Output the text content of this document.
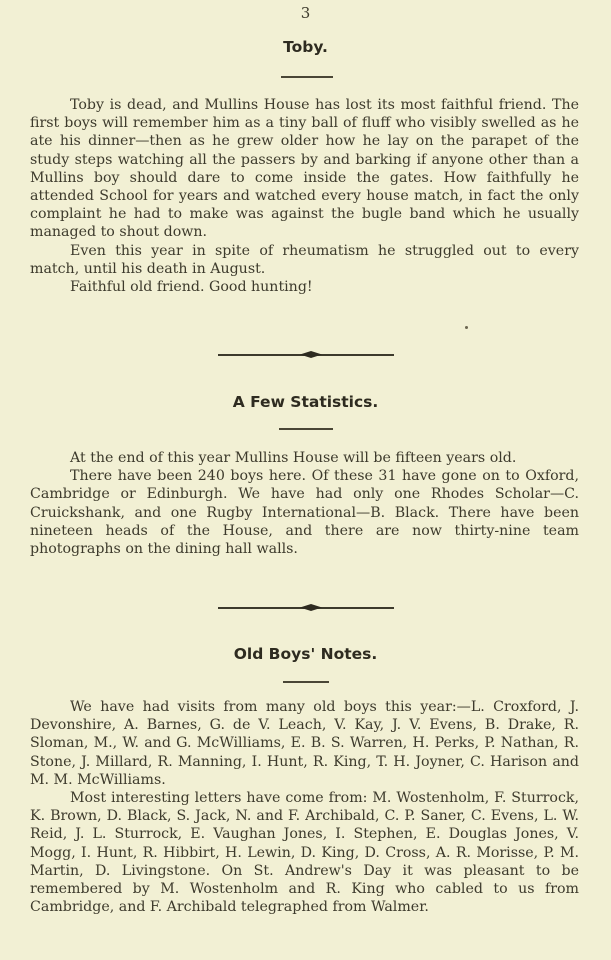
3
Toby.

Toby is dead, and Mullins House has lost its most faithful friend. The first boys will remember him as a tiny ball of fluff who visibly swelled as he ate his dinner—then as he grew older how he lay on the parapet of the study steps watching all the passers by and barking if anyone other than a Mullins boy should dare to come inside the gates. How faithfully he attended School for years and watched every house match, in fact the only complaint he had to make was against the bugle band which he usually managed to shout down.

Even this year in spite of rheumatism he struggled out to every match, until his death in August.

Faithful old friend. Good hunting!

A Few Statistics.

At the end of this year Mullins House will be fifteen years old.

There have been 240 boys here. Of these 31 have gone on to Oxford, Cambridge or Edinburgh. We have had only one Rhodes Scholar—C. Cruickshank, and one Rugby International—B. Black. There have been nineteen heads of the House, and there are now thirty-nine team photographs on the dining hall walls.

Old Boys' Notes.

We have had visits from many old boys this year:—L. Croxford, J. Devonshire, A. Barnes, G. de V. Leach, V. Kay, J. V. Evens, B. Drake, R. Sloman, M., W. and G. McWilliams, E. B. S. Warren, H. Perks, P. Nathan, R. Stone, J. Millard, R. Manning, I. Hunt, R. King, T. H. Joyner, C. Harison and M. M. McWilliams.

Most interesting letters have come from: M. Wostenholm, F. Sturrock, K. Brown, D. Black, S. Jack, N. and F. Archibald, C. P. Saner, C. Evens, L. W. Reid, J. L. Sturrock, E. Vaughan Jones, I. Stephen, E. Douglas Jones, V. Mogg, I. Hunt, R. Hibbirt, H. Lewin, D. King, D. Cross, A. R. Morisse, P. M. Martin, D. Livingstone. On St. Andrew's Day it was pleasant to be remembered by M. Wostenholm and R. King who cabled to us from Cambridge, and F. Archibald telegraphed from Walmer.
